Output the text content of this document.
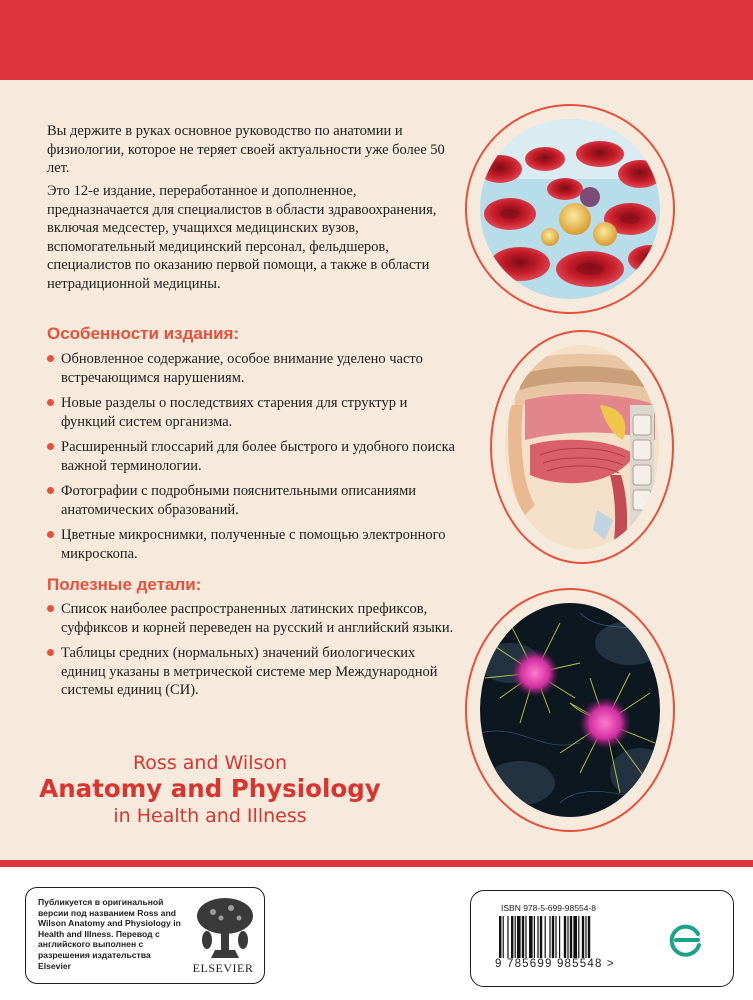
Вы держите в руках основное руководство по анатомии и физиологии, которое не теряет своей актуальности уже более 50 лет.

Это 12-е издание, переработанное и дополненное, предназначается для специалистов в области здравоохранения, включая медсестер, учащихся медицинских вузов, вспомогательный медицинский персонал, фельдшеров, специалистов по оказанию первой помощи, а также в области нетрадиционной медицины.

Особенности издания:
Обновленное содержание, особое внимание уделено часто встречающимся нарушениям.
Новые разделы о последствиях старения для структур и функций систем организма.
Расширенный глоссарий для более быстрого и удобного поиска важной терминологии.
Фотографии с подробными пояснительными описаниями анатомических образований.
Цветные микроснимки, полученные с помощью электронного микроскопа.
Полезные детали:
Список наиболее распространенных латинских префиксов, суффиксов и корней переведен на русский и английский языки.
Таблицы средних (нормальных) значений биологических единиц указаны в метрической системе мер Международной системы единиц (СИ).
Ross and Wilson
Anatomy and Physiology
in Health and Illness

Публикуется в оригинальной версии под названием Ross and Wilson Anatomy and Physiology in Health and Illness. Перевод с английского выполнен с разрешения издательства Elsevier	ELSEVIER
ISBN 978-5-699-98554-8
9 785699 985548 >
